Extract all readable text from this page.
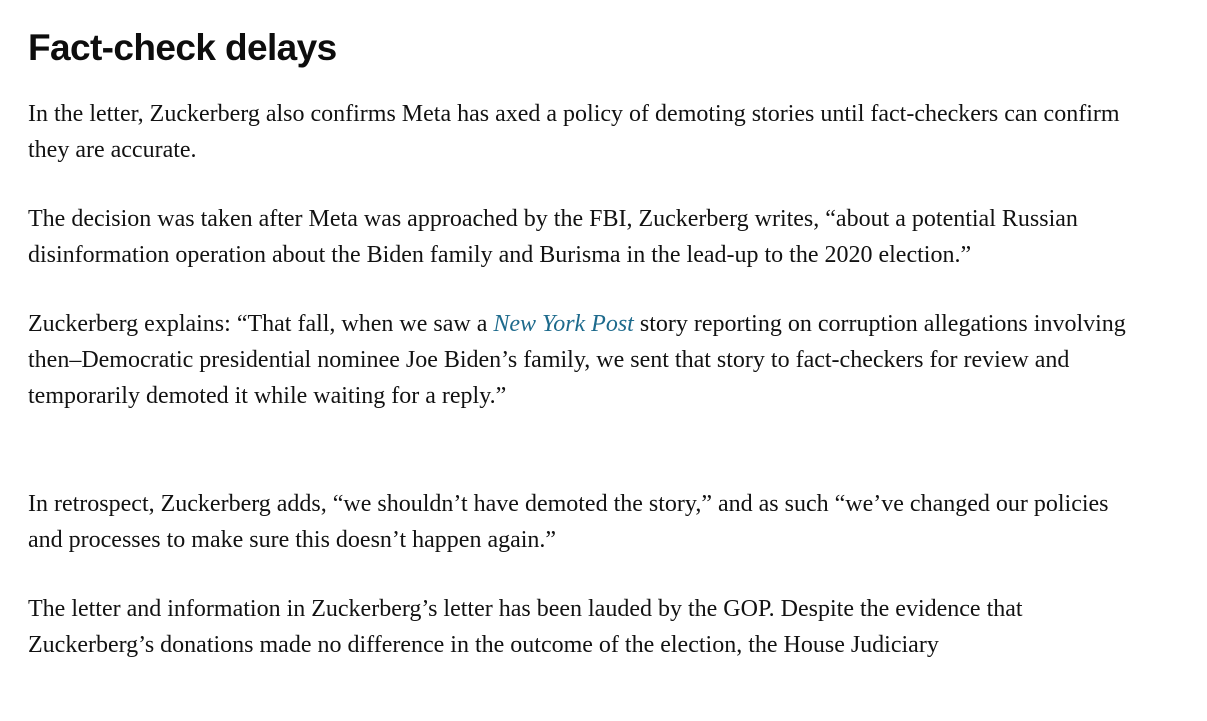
Fact-check delays

In the letter, Zuckerberg also confirms Meta has axed a policy of demoting stories until fact-checkers can confirm they are accurate.

The decision was taken after Meta was approached by the FBI, Zuckerberg writes, “about a potential Russian disinformation operation about the Biden family and Burisma in the lead-up to the 2020 election.”

Zuckerberg explains: “That fall, when we saw a New York Post story reporting on corruption allegations involving then–Democratic presidential nominee Joe Biden’s family, we sent that story to fact-checkers for review and temporarily demoted it while waiting for a reply.”

In retrospect, Zuckerberg adds, “we shouldn’t have demoted the story,” and as such “we’ve changed our policies and processes to make sure this doesn’t happen again.”

The letter and information in Zuckerberg’s letter has been lauded by the GOP. Despite the evidence that Zuckerberg’s donations made no difference in the outcome of the election, the House Judiciary
